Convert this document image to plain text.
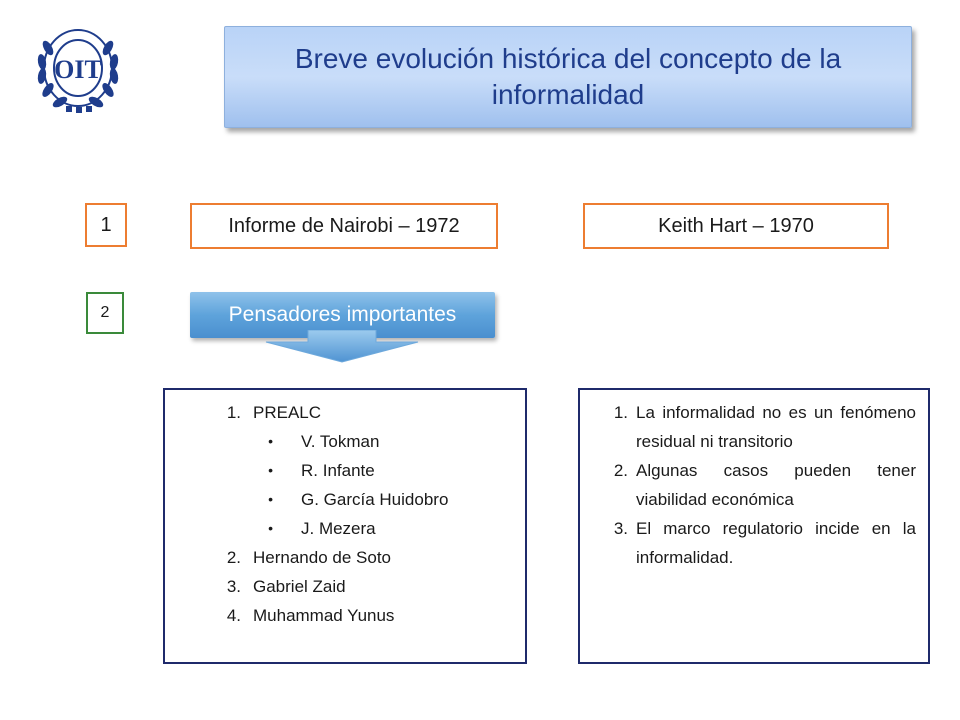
OIT	Breve evolución histórica del concepto de la informalidad
1	Informe de Nairobi – 1972	Keith Hart – 1970
2	Pensadores importantes
1. PREALC
•	V. Tokman
•	R. Infante
•	G. García Huidobro
•	J. Mezera
2. Hernando de Soto
3. Gabriel Zaid
4. Muhammad Yunus
1. La informalidad no es un fenómeno residual ni transitorio
2. Algunas casos pueden tener viabilidad económica
3. El marco regulatorio incide en la informalidad.
